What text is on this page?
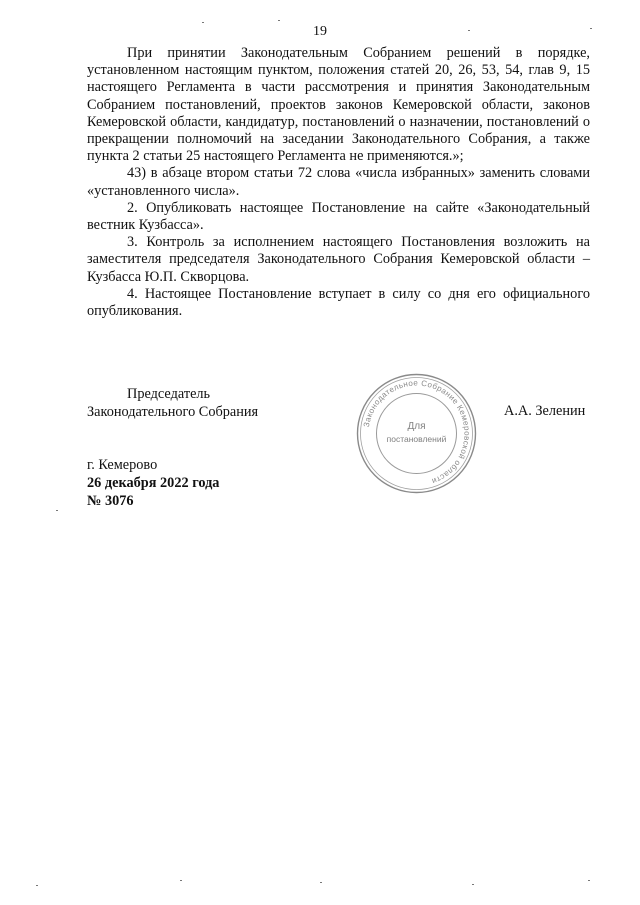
19

При принятии Законодательным Собранием решений в порядке, установленном настоящим пунктом, положения статей 20, 26, 53, 54, глав 9, 15 настоящего Регламента в части рассмотрения и принятия Законодательным Собранием постановлений, проектов законов Кемеровской области, законов Кемеровской области, кандидатур, постановлений о назначении, постановлений о прекращении полномочий на заседании Законодательного Собрания, а также пункта 2 статьи 25 настоящего Регламента не применяются.»;

43) в абзаце втором статьи 72 слова «числа избранных» заменить словами «установленного числа».

2. Опубликовать настоящее Постановление на сайте «Законодательный вестник Кузбасса».

3. Контроль за исполнением настоящего Постановления возложить на заместителя председателя Законодательного Собрания Кемеровской области – Кузбасса Ю.П. Скворцова.

4. Настоящее Постановление вступает в силу со дня его официального опубликования.

Председатель
Законодательного Собрания
Законодательное Собрание Кемеровской области
Для
постановлений
А.А. Зеленин
г. Кемерово
26 декабря 2022 года
№ 3076
